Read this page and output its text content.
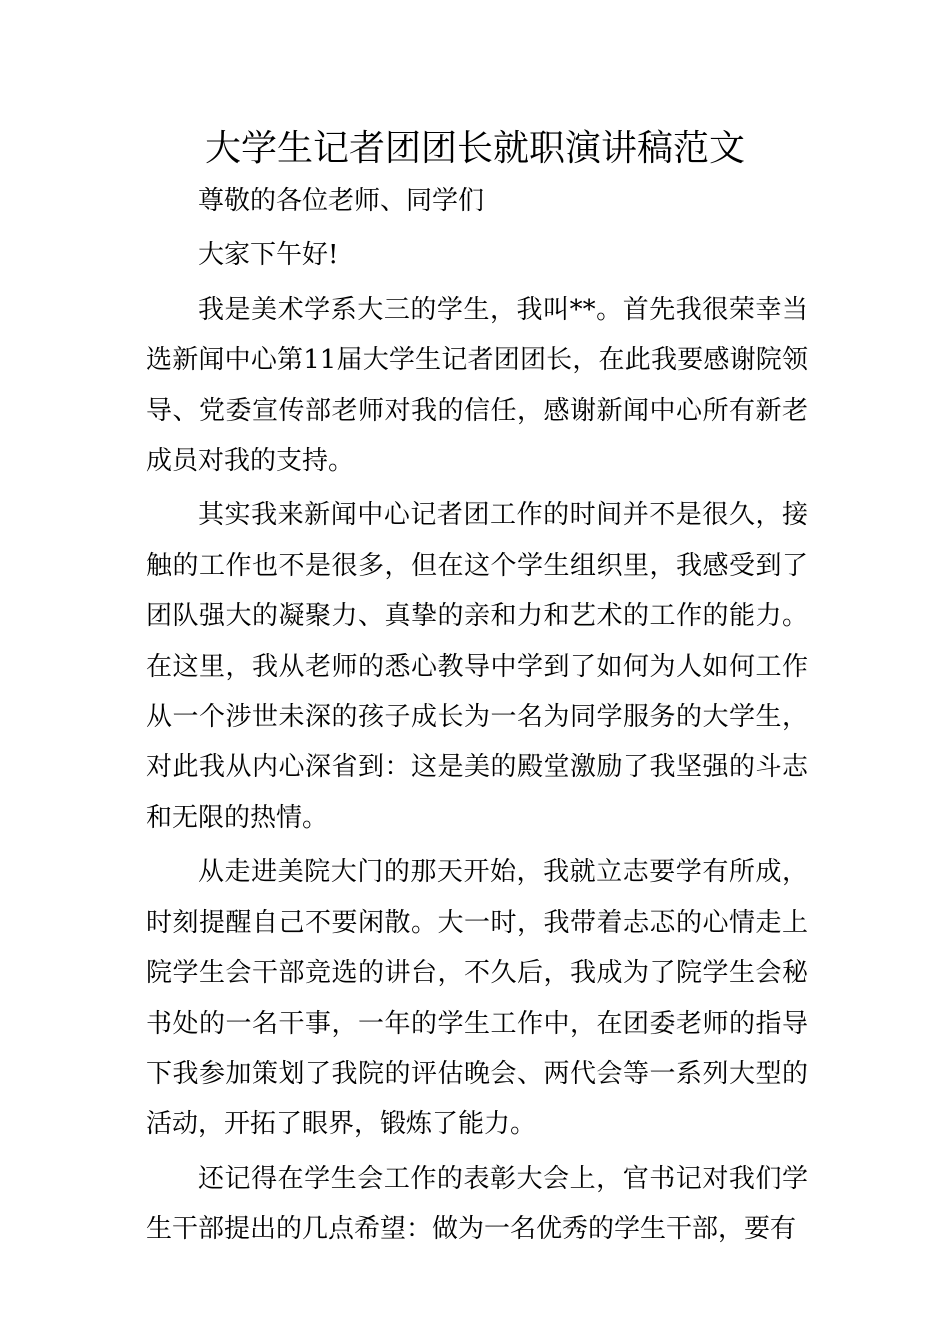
大学生记者团团长就职演讲稿范文

尊敬的各位老师、同学们

大家下午好!

我是美术学系大三的学生，我叫**。首先我很荣幸当选新闻中心第11届大学生记者团团长，在此我要感谢院领导、党委宣传部老师对我的信任，感谢新闻中心所有新老成员对我的支持。

其实我来新闻中心记者团工作的时间并不是很久，接触的工作也不是很多，但在这个学生组织里，我感受到了团队强大的凝聚力、真挚的亲和力和艺术的工作的能力。在这里，我从老师的悉心教导中学到了如何为人如何工作从一个涉世未深的孩子成长为一名为同学服务的大学生，对此我从内心深省到：这是美的殿堂激励了我坚强的斗志和无限的热情。

从走进美院大门的那天开始，我就立志要学有所成，时刻提醒自己不要闲散。大一时，我带着忐忑的心情走上院学生会干部竞选的讲台，不久后，我成为了院学生会秘书处的一名干事，一年的学生工作中，在团委老师的指导下我参加策划了我院的评估晚会、两代会等一系列大型的活动，开拓了眼界，锻炼了能力。

还记得在学生会工作的表彰大会上，官书记对我们学生干部提出的几点希望：做为一名优秀的学生干部，要有
